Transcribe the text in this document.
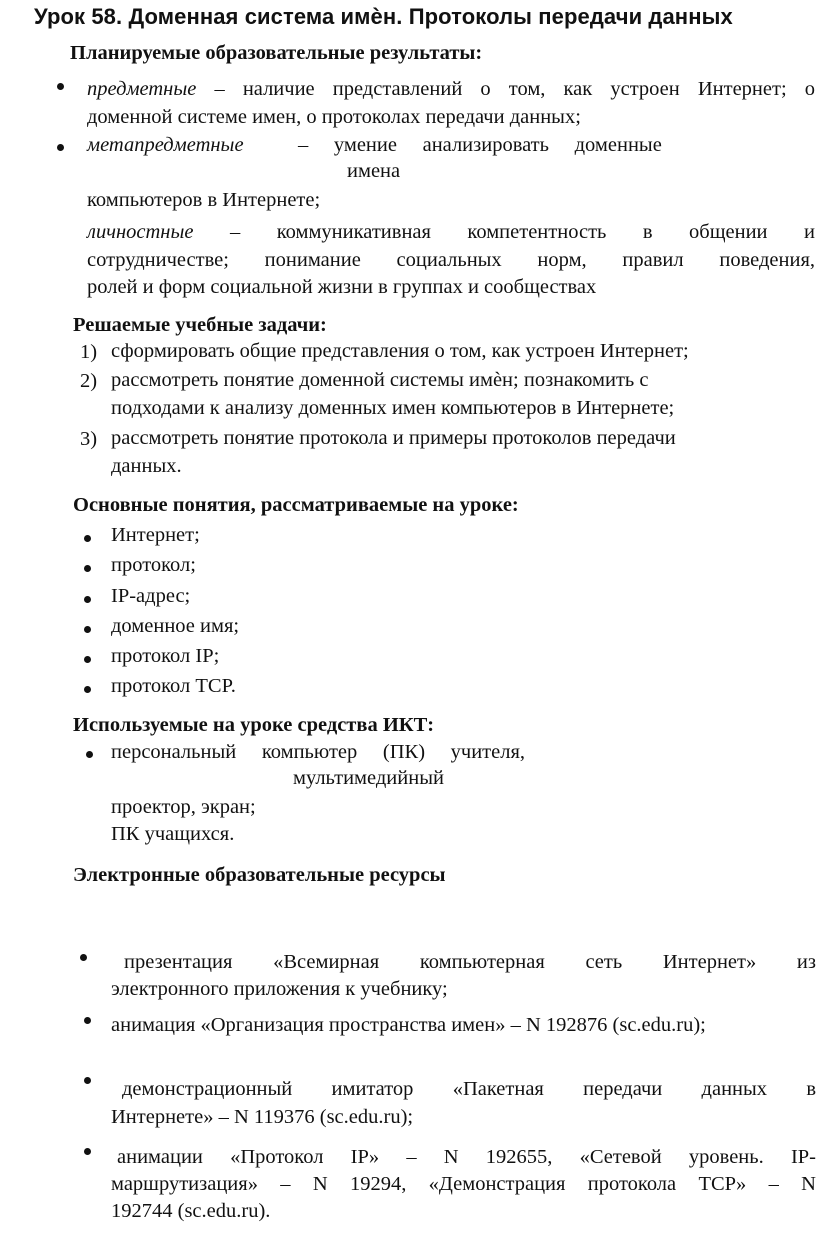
Урок 58. Доменная система имѐн. Протоколы передачи данных
Планируемые образовательные результаты:
предметные – наличие представлений о том, как устроен Интернет; о
доменной системе имен, о протоколах передачи данных;
метапредметные	–     умение     анализировать     доменные
имена
компьютеров в Интернете;
личностные – коммуникативная компетентность в общении и
сотрудничестве; понимание социальных норм, правил поведения,
ролей и форм социальной жизни в группах и сообществах
Решаемые учебные задачи:
1) сформировать общие представления о том, как устроен Интернет;
2) рассмотреть понятие доменной системы имѐн; познакомить с
подходами к анализу доменных имен компьютеров в Интернете;
3) рассмотреть понятие протокола и примеры протоколов передачи
данных.
Основные понятия, рассматриваемые на уроке:
Интернет;
протокол;
IP-адрес;
доменное имя;
протокол IP;
протокол TCP.
Используемые на уроке средства ИКТ:
персональный     компьютер     (ПК)     учителя,
мультимедийный
проектор, экран;
ПК учащихся.
Электронные образовательные ресурсы
презентация «Всемирная компьютерная сеть Интернет» из
электронного приложения к учебнику;
анимация «Организация пространства имен» – N 192876 (sc.edu.ru);
демонстрационный имитатор «Пакетная передачи данных в
Интернете» – N 119376 (sc.edu.ru);
анимации «Протокол IP» – N 192655, «Сетевой уровень. IP-
маршрутизация» – N 19294, «Демонстрация протокола TCP» – N
192744 (sc.edu.ru).
